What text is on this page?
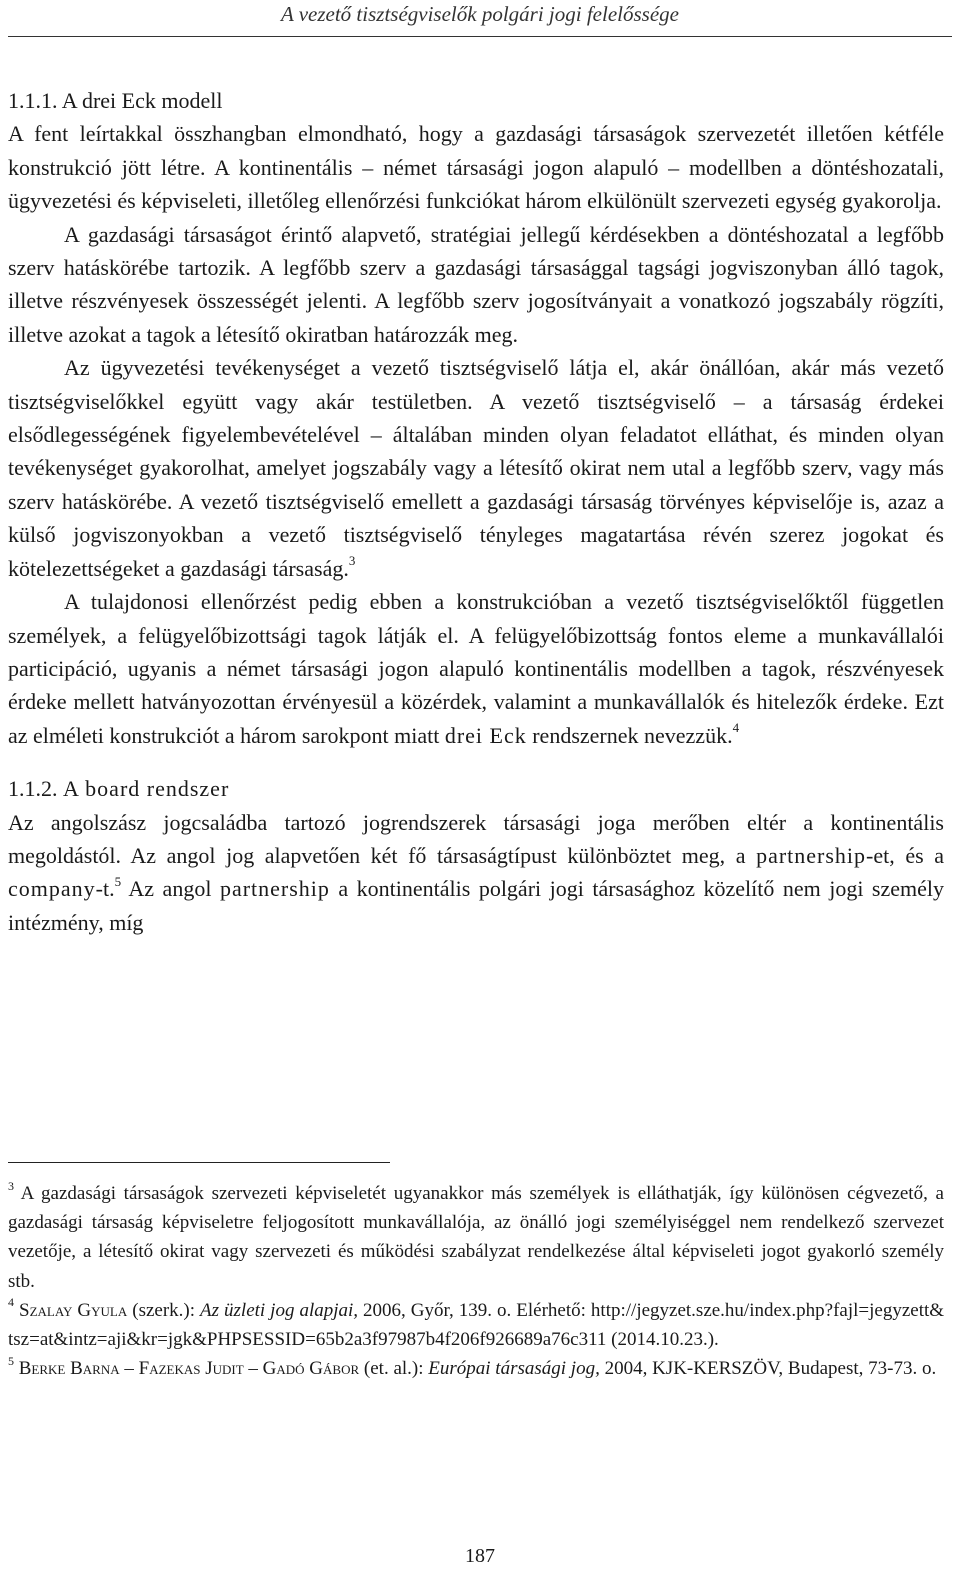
A vezető tisztségviselők polgári jogi felelőssége
1.1.1. A drei Eck modell

A fent leírtakkal összhangban elmondható, hogy a gazdasági társaságok szervezetét illetően kétféle konstrukció jött létre. A kontinentális – német társasági jogon alapuló – modellben a döntéshozatali, ügyvezetési és képviseleti, illetőleg ellenőrzési funkciókat három elkülönült szervezeti egység gyakorolja.

A gazdasági társaságot érintő alapvető, stratégiai jellegű kérdésekben a döntéshozatal a legfőbb szerv hatáskörébe tartozik. A legfőbb szerv a gazdasági társasággal tagsági jogviszonyban álló tagok, illetve részvényesek összességét jelenti. A legfőbb szerv jogosítványait a vonatkozó jogszabály rögzíti, illetve azokat a tagok a létesítő okiratban határozzák meg.

Az ügyvezetési tevékenységet a vezető tisztségviselő látja el, akár önállóan, akár más vezető tisztségviselőkkel együtt vagy akár testületben. A vezető tisztségviselő – a társaság érdekei elsődlegességének figyelembevételével – általában minden olyan feladatot elláthat, és minden olyan tevékenységet gyakorolhat, amelyet jogszabály vagy a létesítő okirat nem utal a legfőbb szerv, vagy más szerv hatáskörébe. A vezető tisztségviselő emellett a gazdasági társaság törvényes képviselője is, azaz a külső jogviszonyokban a vezető tisztségviselő tényleges magatartása révén szerez jogokat és kötelezettségeket a gazdasági társaság.$^3$

A tulajdonosi ellenőrzést pedig ebben a konstrukcióban a vezető tisztségviselőktől független személyek, a felügyelőbizottsági tagok látják el. A felügyelőbizottság fontos eleme a munkavállalói participáció, ugyanis a német társasági jogon alapuló kontinentális modellben a tagok, részvényesek érdeke mellett hatványozottan érvényesül a közérdek, valamint a munkavállalók és hitelezők érdeke. Ezt az elméleti konstrukciót a három sarokpont miatt drei Eck rendszernek nevezzük.$^4$

1.1.2. A board rendszer

Az angolszász jogcsaládba tartozó jogrendszerek társasági joga merőben eltér a kontinentális megoldástól. Az angol jog alapvetően két fő társaságtípust különböztet meg, a partnership-et, és a company-t.$^5$ Az angol partnership a kontinentális polgári jogi társasághoz közelítő nem jogi személy intézmény, míg

$^3$ A gazdasági társaságok szervezeti képviseletét ugyanakkor más személyek is elláthatják, így különösen cégvezető, a gazdasági társaság képviseletre feljogosított munkavállalója, az önálló jogi személyiséggel nem rendelkező szervezet vezetője, a létesítő okirat vagy szervezeti és működési szabályzat rendelkezése által képviseleti jogot gyakorló személy stb.

$^4$ Szalay Gyula (szerk.): Az üzleti jog alapjai, 2006, Győr, 139. o. Elérhető: http://jegyzet.sze.hu/index.php?fajl=jegyzett&tsz=at&intz=aji&kr=jgk&PHPSESSID=65b2a3f97987b4f206f926689a76c311 (2014.10.23.).

$^5$ Berke Barna – Fazekas Judit – Gadó Gábor (et. al.): Európai társasági jog, 2004, KJK-KERSZÖV, Budapest, 73-73. o.

187
